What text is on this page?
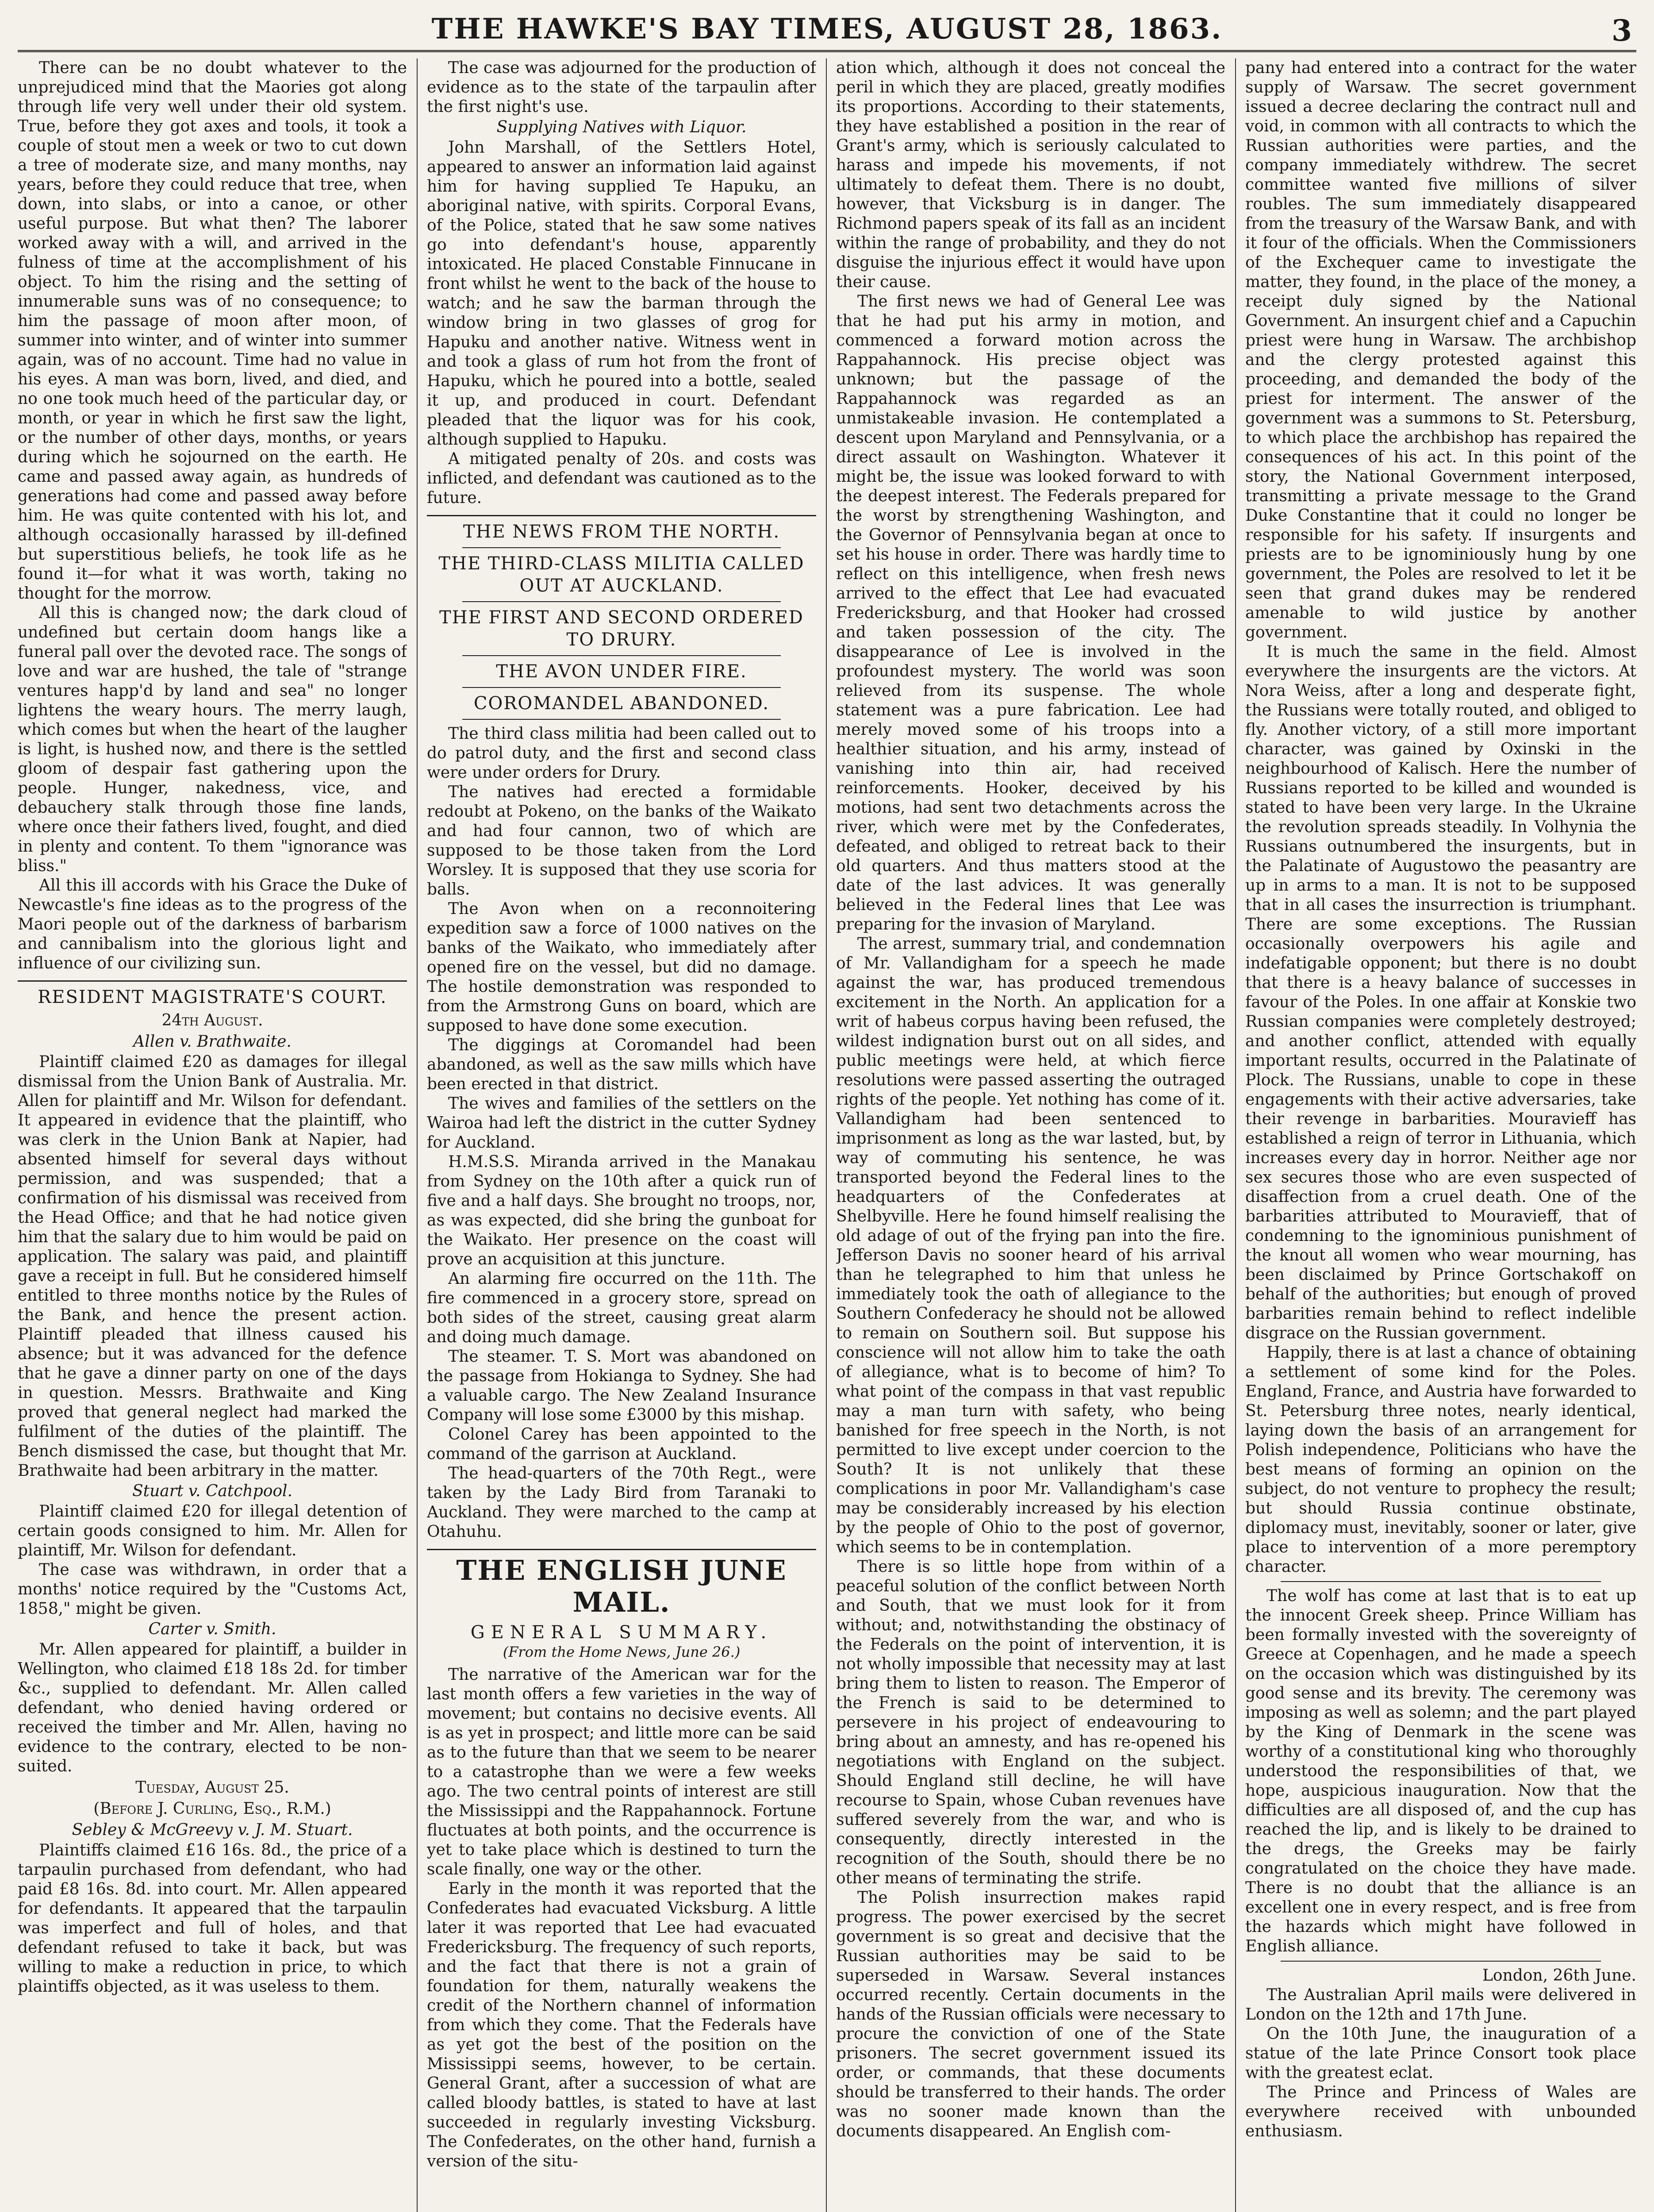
THE HAWKE'S BAY TIMES, AUGUST 28, 1863.	3

There can be no doubt whatever to the unprejudiced mind that the Maories got along through life very well under their old system. True, before they got axes and tools, it took a couple of stout men a week or two to cut down a tree of moderate size, and many months, nay years, before they could reduce that tree, when down, into slabs, or into a canoe, or other useful purpose. But what then? The laborer worked away with a will, and arrived in the fulness of time at the accomplishment of his object. To him the rising and the setting of innumerable suns was of no consequence; to him the passage of moon after moon, of summer into winter, and of winter into summer again, was of no account. Time had no value in his eyes. A man was born, lived, and died, and no one took much heed of the particular day, or month, or year in which he first saw the light, or the number of other days, months, or years during which he sojourned on the earth. He came and passed away again, as hundreds of generations had come and passed away before him. He was quite contented with his lot, and although occasionally harassed by ill-defined but superstitious beliefs, he took life as he found it—for what it was worth, taking no thought for the morrow.

All this is changed now; the dark cloud of undefined but certain doom hangs like a funeral pall over the devoted race. The songs of love and war are hushed, the tale of "strange ventures happ'd by land and sea" no longer lightens the weary hours. The merry laugh, which comes but when the heart of the laugher is light, is hushed now, and there is the settled gloom of despair fast gathering upon the people. Hunger, nakedness, vice, and debauchery stalk through those fine lands, where once their fathers lived, fought, and died in plenty and content. To them "ignorance was bliss."

All this ill accords with his Grace the Duke of Newcastle's fine ideas as to the progress of the Maori people out of the darkness of barbarism and cannibalism into the glorious light and influence of our civilizing sun.

RESIDENT MAGISTRATE'S COURT.

24th August.

Allen v. Brathwaite.

Plaintiff claimed £20 as damages for illegal dismissal from the Union Bank of Australia. Mr. Allen for plaintiff and Mr. Wilson for defendant. It appeared in evidence that the plaintiff, who was clerk in the Union Bank at Napier, had absented himself for several days without permission, and was suspended; that a confirmation of his dismissal was received from the Head Office; and that he had notice given him that the salary due to him would be paid on application. The salary was paid, and plaintiff gave a receipt in full. But he considered himself entitled to three months notice by the Rules of the Bank, and hence the present action. Plaintiff pleaded that illness caused his absence; but it was advanced for the defence that he gave a dinner party on one of the days in question. Messrs. Brathwaite and King proved that general neglect had marked the fulfilment of the duties of the plaintiff. The Bench dismissed the case, but thought that Mr. Brathwaite had been arbitrary in the matter.

Stuart v. Catchpool.

Plaintiff claimed £20 for illegal detention of certain goods consigned to him. Mr. Allen for plaintiff, Mr. Wilson for defendant.

The case was withdrawn, in order that a months' notice required by the "Customs Act, 1858," might be given.

Carter v. Smith.

Mr. Allen appeared for plaintiff, a builder in Wellington, who claimed £18 18s 2d. for timber &c., supplied to defendant. Mr. Allen called defendant, who denied having ordered or received the timber and Mr. Allen, having no evidence to the contrary, elected to be non-suited.

Tuesday, August 25.

(Before J. Curling, Esq., R.M.)

Sebley & McGreevy v. J. M. Stuart.

Plaintiffs claimed £16 16s. 8d., the price of a tarpaulin purchased from defendant, who had paid £8 16s. 8d. into court. Mr. Allen appeared for defendants. It appeared that the tarpaulin was imperfect and full of holes, and that defendant refused to take it back, but was willing to make a reduction in price, to which plaintiffs objected, as it was useless to them.

The case was adjourned for the production of evidence as to the state of the tarpaulin after the first night's use.

Supplying Natives with Liquor.

John Marshall, of the Settlers Hotel, appeared to answer an information laid against him for having supplied Te Hapuku, an aboriginal native, with spirits. Corporal Evans, of the Police, stated that he saw some natives go into defendant's house, apparently intoxicated. He placed Constable Finnucane in front whilst he went to the back of the house to watch; and he saw the barman through the window bring in two glasses of grog for Hapuku and another native. Witness went in and took a glass of rum hot from the front of Hapuku, which he poured into a bottle, sealed it up, and produced in court. Defendant pleaded that the liquor was for his cook, although supplied to Hapuku.

A mitigated penalty of 20s. and costs was inflicted, and defendant was cautioned as to the future.

THE NEWS FROM THE NORTH.
THE THIRD-CLASS MILITIA CALLED OUT AT AUCKLAND.
THE FIRST AND SECOND ORDERED TO DRURY.
THE AVON UNDER FIRE.
COROMANDEL ABANDONED.

The third class militia had been called out to do patrol duty, and the first and second class were under orders for Drury.

The natives had erected a formidable redoubt at Pokeno, on the banks of the Waikato and had four cannon, two of which are supposed to be those taken from the Lord Worsley. It is supposed that they use scoria for balls.

The Avon when on a reconnoitering expedition saw a force of 1000 natives on the banks of the Waikato, who immediately after opened fire on the vessel, but did no damage. The hostile demonstration was responded to from the Armstrong Guns on board, which are supposed to have done some execution.

The diggings at Coromandel had been abandoned, as well as the saw mills which have been erected in that district.

The wives and families of the settlers on the Wairoa had left the district in the cutter Sydney for Auckland.

H.M.S.S. Miranda arrived in the Manakau from Sydney on the 10th after a quick run of five and a half days. She brought no troops, nor, as was expected, did she bring the gunboat for the Waikato. Her presence on the coast will prove an acquisition at this juncture.

An alarming fire occurred on the 11th. The fire commenced in a grocery store, spread on both sides of the street, causing great alarm and doing much damage.

The steamer. T. S. Mort was abandoned on the passage from Hokianga to Sydney. She had a valuable cargo. The New Zealand Insurance Company will lose some £3000 by this mishap.

Colonel Carey has been appointed to the command of the garrison at Auckland.

The head-quarters of the 70th Regt., were taken by the Lady Bird from Taranaki to Auckland. They were marched to the camp at Otahuhu.

THE ENGLISH JUNE MAIL.
GENERAL SUMMARY.
(From the Home News, June 26.)

The narrative of the American war for the last month offers a few varieties in the way of movement; but contains no decisive events. All is as yet in prospect; and little more can be said as to the future than that we seem to be nearer to a catastrophe than we were a few weeks ago. The two central points of interest are still the Mississippi and the Rappahannock. Fortune fluctuates at both points, and the occurrence is yet to take place which is destined to turn the scale finally, one way or the other.

Early in the month it was reported that the Confederates had evacuated Vicksburg. A little later it was reported that Lee had evacuated Fredericksburg. The frequency of such reports, and the fact that there is not a grain of foundation for them, naturally weakens the credit of the Northern channel of information from which they come. That the Federals have as yet got the best of the position on the Mississippi seems, however, to be certain. General Grant, after a succession of what are called bloody battles, is stated to have at last succeeded in regularly investing Vicksburg. The Confederates, on the other hand, furnish a version of the situ-

ation which, although it does not conceal the peril in which they are placed, greatly modifies its proportions. According to their statements, they have established a position in the rear of Grant's army, which is seriously calculated to harass and impede his movements, if not ultimately to defeat them. There is no doubt, however, that Vicksburg is in danger. The Richmond papers speak of its fall as an incident within the range of probability, and they do not disguise the injurious effect it would have upon their cause.

The first news we had of General Lee was that he had put his army in motion, and commenced a forward motion across the Rappahannock. His precise object was unknown; but the passage of the Rappahannock was regarded as an unmistakeable invasion. He contemplated a descent upon Maryland and Pennsylvania, or a direct assault on Washington. Whatever it might be, the issue was looked forward to with the deepest interest. The Federals prepared for the worst by strengthening Washington, and the Governor of Pennsylvania began at once to set his house in order. There was hardly time to reflect on this intelligence, when fresh news arrived to the effect that Lee had evacuated Fredericksburg, and that Hooker had crossed and taken possession of the city. The disappearance of Lee is involved in the profoundest mystery. The world was soon relieved from its suspense. The whole statement was a pure fabrication. Lee had merely moved some of his troops into a healthier situation, and his army, instead of vanishing into thin air, had received reinforcements. Hooker, deceived by his motions, had sent two detachments across the river, which were met by the Confederates, defeated, and obliged to retreat back to their old quarters. And thus matters stood at the date of the last advices. It was generally believed in the Federal lines that Lee was preparing for the invasion of Maryland.

The arrest, summary trial, and condemnation of Mr. Vallandigham for a speech he made against the war, has produced tremendous excitement in the North. An application for a writ of habeus corpus having been refused, the wildest indignation burst out on all sides, and public meetings were held, at which fierce resolutions were passed asserting the outraged rights of the people. Yet nothing has come of it. Vallandigham had been sentenced to imprisonment as long as the war lasted, but, by way of commuting his sentence, he was transported beyond the Federal lines to the headquarters of the Confederates at Shelbyville. Here he found himself realising the old adage of out of the frying pan into the fire. Jefferson Davis no sooner heard of his arrival than he telegraphed to him that unless he immediately took the oath of allegiance to the Southern Confederacy he should not be allowed to remain on Southern soil. But suppose his conscience will not allow him to take the oath of allegiance, what is to become of him? To what point of the compass in that vast republic may a man turn with safety, who being banished for free speech in the North, is not permitted to live except under coercion to the South? It is not unlikely that these complications in poor Mr. Vallandigham's case may be considerably increased by his election by the people of Ohio to the post of governor, which seems to be in contemplation.

There is so little hope from within of a peaceful solution of the conflict between North and South, that we must look for it from without; and, notwithstanding the obstinacy of the Federals on the point of intervention, it is not wholly impossible that necessity may at last bring them to listen to reason. The Emperor of the French is said to be determined to persevere in his project of endeavouring to bring about an amnesty, and has re-opened his negotiations with England on the subject. Should England still decline, he will have recourse to Spain, whose Cuban revenues have suffered severely from the war, and who is consequently, directly interested in the recognition of the South, should there be no other means of terminating the strife.

The Polish insurrection makes rapid progress. The power exercised by the secret government is so great and decisive that the Russian authorities may be said to be superseded in Warsaw. Several instances occurred recently. Certain documents in the hands of the Russian officials were necessary to procure the conviction of one of the State prisoners. The secret government issued its order, or commands, that these documents should be transferred to their hands. The order was no sooner made known than the documents disappeared. An English com-

pany had entered into a contract for the water supply of Warsaw. The secret government issued a decree declaring the contract null and void, in common with all contracts to which the Russian authorities were parties, and the company immediately withdrew. The secret committee wanted five millions of silver roubles. The sum immediately disappeared from the treasury of the Warsaw Bank, and with it four of the officials. When the Commissioners of the Exchequer came to investigate the matter, they found, in the place of the money, a receipt duly signed by the National Government. An insurgent chief and a Capuchin priest were hung in Warsaw. The archbishop and the clergy protested against this proceeding, and demanded the body of the priest for interment. The answer of the government was a summons to St. Petersburg, to which place the archbishop has repaired the consequences of his act. In this point of the story, the National Government interposed, transmitting a private message to the Grand Duke Constantine that it could no longer be responsible for his safety. If insurgents and priests are to be ignominiously hung by one government, the Poles are resolved to let it be seen that grand dukes may be rendered amenable to wild justice by another government.

It is much the same in the field. Almost everywhere the insurgents are the victors. At Nora Weiss, after a long and desperate fight, the Russians were totally routed, and obliged to fly. Another victory, of a still more important character, was gained by Oxinski in the neighbourhood of Kalisch. Here the number of Russians reported to be killed and wounded is stated to have been very large. In the Ukraine the revolution spreads steadily. In Volhynia the Russians outnumbered the insurgents, but in the Palatinate of Augustowo the peasantry are up in arms to a man. It is not to be supposed that in all cases the insurrection is triumphant. There are some exceptions. The Russian occasionally overpowers his agile and indefatigable opponent; but there is no doubt that there is a heavy balance of successes in favour of the Poles. In one affair at Konskie two Russian companies were completely destroyed; and another conflict, attended with equally important results, occurred in the Palatinate of Plock. The Russians, unable to cope in these engagements with their active adversaries, take their revenge in barbarities. Mouravieff has established a reign of terror in Lithuania, which increases every day in horror. Neither age nor sex secures those who are even suspected of disaffection from a cruel death. One of the barbarities attributed to Mouravieff, that of condemning to the ignominious punishment of the knout all women who wear mourning, has been disclaimed by Prince Gortschakoff on behalf of the authorities; but enough of proved barbarities remain behind to reflect indelible disgrace on the Russian government.

Happily, there is at last a chance of obtaining a settlement of some kind for the Poles. England, France, and Austria have forwarded to St. Petersburg three notes, nearly identical, laying down the basis of an arrangement for Polish independence, Politicians who have the best means of forming an opinion on the subject, do not venture to prophecy the result; but should Russia continue obstinate, diplomacy must, inevitably, sooner or later, give place to intervention of a more peremptory character.

The wolf has come at last that is to eat up the innocent Greek sheep. Prince William has been formally invested with the sovereignty of Greece at Copenhagen, and he made a speech on the occasion which was distinguished by its good sense and its brevity. The ceremony was imposing as well as solemn; and the part played by the King of Denmark in the scene was worthy of a constitutional king who thoroughly understood the responsibilities of that, we hope, auspicious inauguration. Now that the difficulties are all disposed of, and the cup has reached the lip, and is likely to be drained to the dregs, the Greeks may be fairly congratulated on the choice they have made. There is no doubt that the alliance is an excellent one in every respect, and is free from the hazards which might have followed in English alliance.

London, 26th June.

The Australian April mails were delivered in London on the 12th and 17th June.

On the 10th June, the inauguration of a statue of the late Prince Consort took place with the greatest eclat.

The Prince and Princess of Wales are everywhere received with unbounded enthusiasm.
